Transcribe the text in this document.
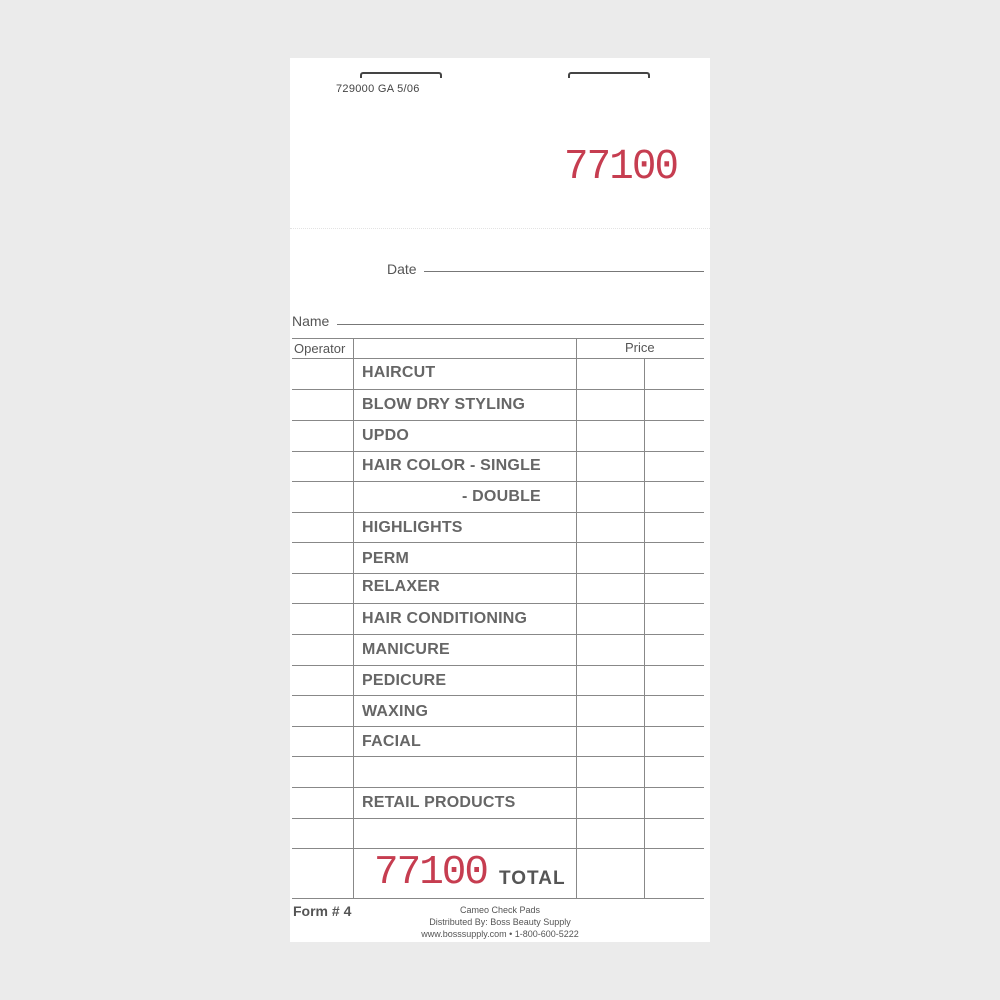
729000 GA 5/06
77100
Date
Name
Operator	Price
HAIRCUT
BLOW DRY STYLING
UPDO
HAIR COLOR - SINGLE
- DOUBLE
HIGHLIGHTS
PERM
RELAXER
HAIR CONDITIONING
MANICURE
PEDICURE
WAXING
FACIAL
RETAIL PRODUCTS
77100 TOTAL
Form # 4	Cameo Check Pads
Distributed By: Boss Beauty Supply
www.bosssupply.com • 1-800-600-5222
